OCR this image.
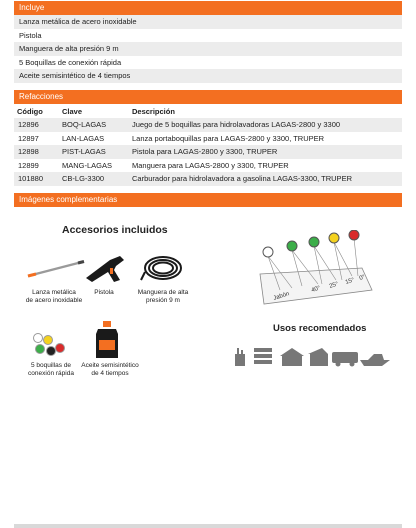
Incluye
Lanza metálica de acero inoxidable
Pistola
Manguera de alta presión 9 m
5 Boquillas de conexión rápida
Aceite semisintético de 4 tiempos
Refacciones
Código	Clave	Descripción
12896	BOQ-LAGAS	Juego de 5 boquillas para hidrolavadoras LAGAS-2800 y 3300
12897	LAN-LAGAS	Lanza portaboquillas para LAGAS-2800 y 3300, TRUPER
12898	PIST-LAGAS	Pistola para LAGAS-2800 y 3300, TRUPER
12899	MANG-LAGAS	Manguera para LAGAS-2800 y 3300, TRUPER
101880	CB-LG-3300	Carburador para hidrolavadora a gasolina LAGAS-3300, TRUPER
Imágenes complementarias
Accesorios incluidos
Lanza metálica
de acero inoxidable
Pistola	Manguera de alta
presión 9 m
5 boquillas de
conexión rápida
Aceite semisintético
de 4 tiempos
Jabón
40° 25° 15° 0°
Usos recomendados
